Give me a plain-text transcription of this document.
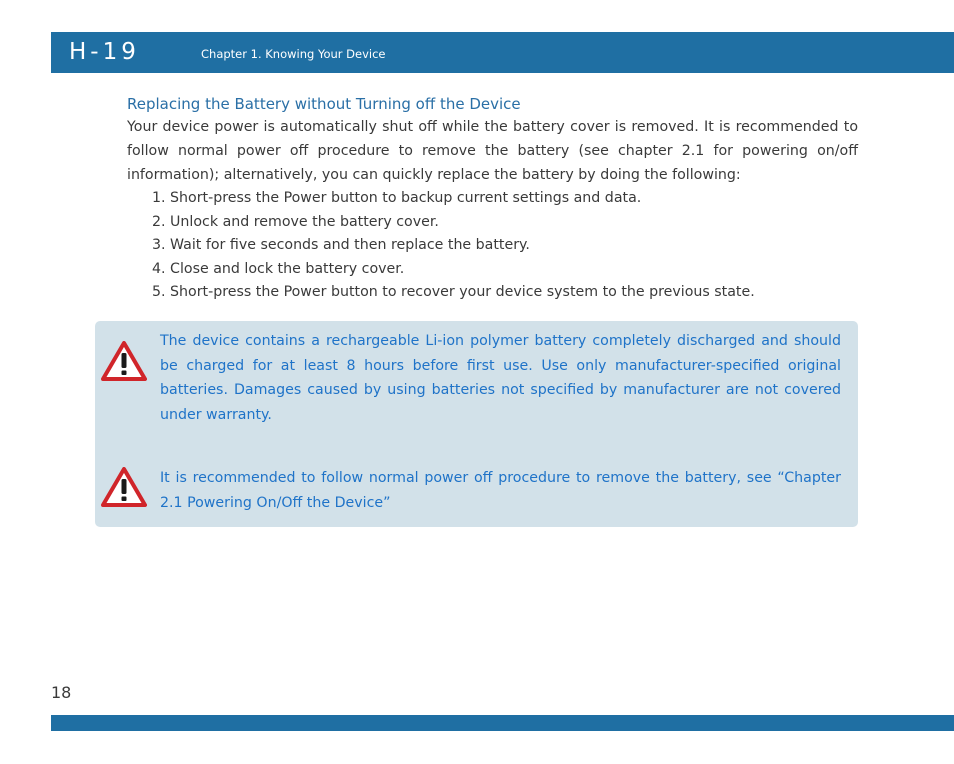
H-19	Chapter 1. Knowing Your Device
Replacing the Battery without Turning off the Device

Your device power is automatically shut off while the battery cover is removed. It is recommended to follow normal power off procedure to remove the battery (see chapter 2.1 for powering on/off information); alternatively, you can quickly replace the battery by doing the following:

1. Short-press the Power button to backup current settings and data.
2. Unlock and remove the battery cover.
3. Wait for five seconds and then replace the battery.
4. Close and lock the battery cover.
5. Short-press the Power button to recover your device system to the previous state.

The device contains a rechargeable Li-ion polymer battery completely discharged and should be charged for at least 8 hours before first use. Use only manufacturer-specified original batteries. Damages caused by using batteries not specified by manufacturer are not covered under warranty.

It is recommended to follow normal power off procedure to remove the battery, see “Chapter 2.1 Powering On/Off the Device”

18
